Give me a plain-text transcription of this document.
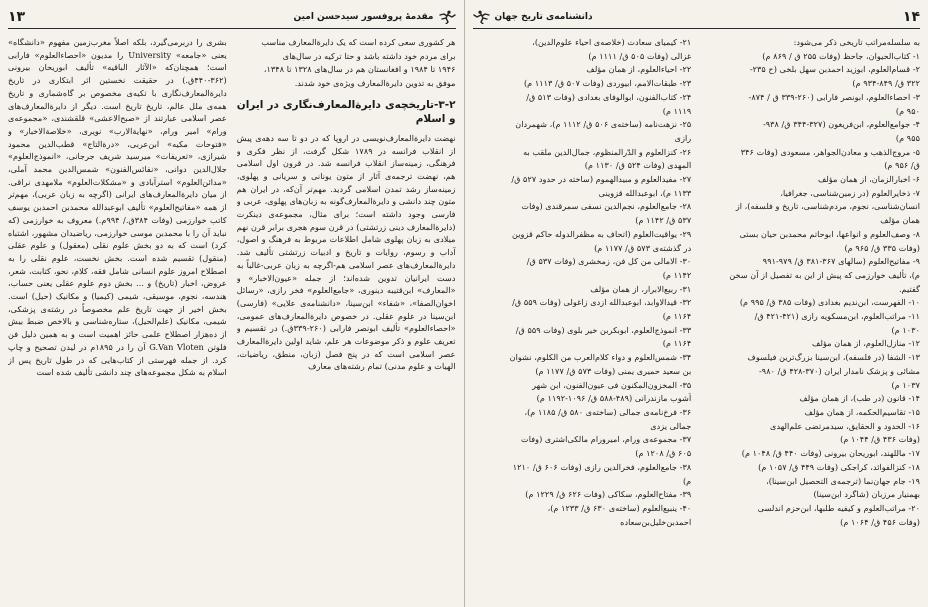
مقدمهٔ پروفسور سیدحسن امین
۱۳

هر کشوری سعی کرده است که یک دایرةالمعارف مناسب

برای مردم خود داشته باشد و حتا ترکیه در سال‌های

۱۹۴۶ تا ۱۹۸۴ و افغانستان هم در سال‌های ۱۳۲۸ تا ۱۳۴۸،

موفق به تدوین دایرةالمعارف ویژه‌ی خود شدند.

۳-۲-تاریخچه‌ی دایرةالمعارف‌نگاری در ایران و اسلام

نهضت دایرةالمعارف‌نویسی در اروپا که در دو تا سه دهه‌ی پیش از انقلاب فرانسه در ۱۷۸۹ شکل گرفت، از نظر فکری و فرهنگی، زمینه‌ساز انقلاب فرانسه شد. در قرون اول اسلامی هم، نهضت ترجمه‌ی آثار از متون یونانی و سریانی و پهلوی، زمینه‌ساز رشد تمدن اسلامی گردید. مهم‌تر آن‌که، در ایران هم متون چند دانشی و دایرةالمعارف‌گونه به زبان‌های پهلوی، عربی و فارسی وجود داشته است؛ برای مثال، مجموعه‌ی دینکرت (دایرةالمعارف دینی زرتشتی) در قرن سوم هجری برابر قرن نهم میلادی به زبان پهلوی شامل اطلاعات مربوط به فرهنگ و اصول، آداب و رسوم، روایات و تاریخ و ادبیات زرتشتی تألیف شد. دایرةالمعارف‌های عصر اسلامی هم-اگرچه به زبان عربی-غالباً به دست ایرانیان تدوین شده‌اند؛ از جمله «عیون‌الاخبار» و «المعارف» ابن‌قتیبه دینوری، «جامع‌العلوم» فخر رازی، «رسائل اخوان‌الصفا»، «شفاء» ابن‌سینا، «دانشنامه‌ی علایی» (فارسی) ابن‌سینا در علوم عقلی. در خصوص دایرةالمعارف‌های عمومی، «احصاءالعلوم» تألیف ابونصر فارابی (۲۶۰-۳۳۹ق.) در تقسیم و تعریف علوم و ذکر موضوعات هر علم، شاید اولین دایرةالمعارف عصر اسلامی است که در پنج فصل (زبان، منطق، ریاضیات، الهیات و علوم مدنی) تمام رشته‌های معارف

بشری را دربرمی‌گیرد، بلکه اصلاً مغرب‌زمین مفهوم «دانشگاه» یعنی «جامعه» University را مدیون «احصاءالعلوم» فارابی است؛ همچنان‌که «الآثار الباقیه» تألیف ابوریحان بیرونی (۳۶۲-۴۴۰ق.) در حقیقت نخستین اثر ابتکاری در تاریخ دایرةالمعارف‌نگاری با تکیه‌ی مخصوص بر گاه‌شماری و تاریخ همه‌ی ملل عالم، تاریخ تاریخ است. دیگر از دایرةالمعارف‌های عصر اسلامی عبارتند از «صبح‌الاعشی» قلقشندی، «مجموعه‌ی ورام» امیر ورام، «نهایةالارب» نویری، «خلاصةالاخبار» و «فتوحات مکیه» ابن‌عربی، «درةالتاج» قطب‌الدین محمود شیرازی، «تعریفات» میرسید شریف جرجانی، «انموذج‌العلوم» جلال‌الدین دوانی، «نفائس‌الفنون» شمس‌الدین محمد آملی، «مدائن‌العلوم» استرآبادی و «مشکلات‌العلوم» ملامهدی نراقی. از میان دایرةالمعارف‌های ایرانی (اگرچه به زبان عربی)، مهم‌تر از همه «مفاتیح‌العلوم» تألیف ابوعبدالله محمدبن احمدبن یوسف کاتب خوارزمی (وفات ۳۸۴ق./ ۹۹۴م.) معروف به خوارزمی (که نباید آن را با محمدبن موسی خوارزمی، ریاضیدان مشهور، اشتباه کرد) است که به دو بخش علوم نقلی (معقول) و علوم عقلی (منقول) تقسیم شده است. بخش نخست، علوم نقلی را به اصطلاح امروز علوم انسانی شامل فقه، کلام، نحو، کتابت، شعر، عروض، اخبار (تاریخ) و ... بخش دوم علوم عقلی یعنی حساب، هندسه، نجوم، موسیقی، شیمی (کیمیا) و مکانیک (حیل) است. بخش اخیر از جهت تاریخ علم مخصوصاً در رشته‌ی پزشکی، شیمی، مکانیک (علم‌الحیل)، ستاره‌شناسی و بالاخص ضبط بیش از ده‌هزار اصطلاح علمی حائز اهمیت است و به همین دلیل فن فلوتن G.Van Vloten آن را در ۱۸۹۵م در لیدن تصحیح و چاپ کرد. از جمله فهرستی از کتاب‌هایی که در طول تاریخ پس از اسلام به شکل مجموعه‌های چند دانشی تألیف شده است

۱۴
دانشنامه‌ی تاریخ جهان

به سلسله‌مراتب تاریخی ذکر می‌شود:

۱- کتاب‌الحیوان، جاحظ (وفات ۲۵۵ ق / ۸۶۹ م)

۲- قسام‌العلوم، ابوزید احمدبن سهل بلخی (ح ۲۳۵-

۳۲۲ ق/ ۸۴۹-۹۳۴ م)

۳- احصاءالعلوم، ابونصر فارابی (۲۶۰-۳۳۹ ق / ۸۷۴-

۹۵۰ م)

۴- جوامع‌العلوم، ابن‌فریغون (۳۲۷-۳۴۴ ق/ ۹۳۸-

۹۵۵ م)

۵- مروج‌الذهب و معادن‌الجواهر، مسعودی (وفات ۳۴۶

ق/ ۹۵۶ م)

۶- اخبارالزمان، از همان مؤلف

۷- ذخایرالعلوم (در زمین‌شناسی، جغرافیا،

انسان‌شناسی، نجوم، مردم‌شناسی، تاریخ و فلسفه)، از

همان مؤلف

۸- وصف‌العلوم و انواعها، ابوحاتم محمدبن حیان بستی

(وفات ۳۳۵ ق/ ۹۶۵ م)

۹- مفاتیح‌العلوم (سالهای ۳۶۷-۳۸۱ ق/ ۹۷۹-۹۹۱

م)، تألیف خوارزمی که پیش از این به تفصیل از آن سخن

گفتیم.

۱۰- الفهرست، ابن‌ندیم بغدادی (وفات ۳۸۵ ق/ ۹۹۵ م)

۱۱- مراتب‌العلوم، ابن‌مسکویه رازی (۴۲۱-۴۲۱ ق/

۱۰۳۰ م)

۱۲- منازل‌العلوم، از همان مؤلف

۱۳- الشفا (در فلسفه)، ابن‌سینا بزرگ‌ترین فیلسوف

مشائی و پزشک نامدار ایران (۳۷۰-۴۲۸ ق/ ۹۸۰-

۱۰۳۷ م)

۱۴- قانون (در طب)، از همان مؤلف

۱۵- تقاسیم‌الحکمه، از همان مؤلف

۱۶- الحدود و الحقایق، سیدمرتضی علم‌الهدی

(وفات ۴۳۶ ق/ ۱۰۴۴ م)

۱۷- ماللهند، ابوریحان بیرونی (وفات ۴۴۰ ق/ ۱۰۴۸ م)

۱۸- کنزالفوائد، کراجکی (وفات ۴۴۹ ق/ ۱۰۵۷ م)

۱۹- جام جهان‌نما (ترجمه‌ی التحصیل ابن‌سینا)،

بهمنیار مرزبان (شاگرد ابن‌سینا)

۲۰- مراتب‌العلوم و کیفیه طلبها، ابن‌حزم اندلسی

(وفات ۴۵۶ ق/ ۱۰۶۴ م)

۲۱- کیمیای سعادت (خلاصه‌ی احیاء علوم‌الدین)،

غزالی (وفات ۵۰۵ ق/ ۱۱۱۱ م)

۲۲- احیاءالعلوم، از همان مؤلف

۲۳- طبقات‌الامم، ابیوردی (وفات ۵۰۷ ق/ ۱۱۱۳ م)

۲۴- کتاب‌الفنون، ابوالوفای بغدادی (وفات ۵۱۳ ق/

۱۱۱۹ م)

۲۵- نزهت‌نامه (ساخته‌ی ۵۰۶ ق/ ۱۱۱۲ م)، شهمردان

رازی

۲۶- کنزالعلوم و الدّرالمنظوم، جمال‌الدین ملقب به

المهدی (وفات ۵۲۴ ق/ ۱۱۳۰ م)

۲۷- مفیدالعلوم و مبیدالهموم (ساخته در حدود ۵۲۷ ق/

۱۱۳۳ م)، ابوعبدالله قزوینی

۲۸- جامع‌العلوم، نجم‌الدین نسفی سمرقندی (وفات

۵۳۷ ق/ ۱۱۴۲ م)

۲۹- یواقیت‌العلوم (اتحاف به مظفرالدوله حاکم قزوین

در گذشته‌ی ۵۷۳ ق/ ۱۱۷۷ م)

۳۰- الامالی من کل فن، زمخشری (وفات ۵۳۷ ق/

۱۱۴۲ م)

۳۱- ربیع‌الابرار، از همان مؤلف

۳۲- قیدالاوابد، ابوعبدالله ازدی زاغولی (وفات ۵۵۹ ق/

۱۱۶۴ م)

۳۳- انموذج‌العلوم، ابوبکربن خیر بلوی (وفات ۵۵۹ ق/

۱۱۶۴ م)

۳۴- شمس‌العلوم و دواء کلام‌العرب من الکلوم، نشوان

بن سعید حمیری یمنی (وفات ۵۷۳ ق/ ۱۱۷۷ م)

۳۵- المخزون‌المکنون فی عیون‌الفنون، ابن شهر

آشوب مازندرانی (۴۸۹-۵۸۸ ق/ ۱۰۹۶-۱۱۹۲ م)

۳۶- فرخ‌نامه‌ی جمالی (ساخته‌ی ۵۸۰ ق/ ۱۱۸۵ م)،

جمالی یزدی

۳۷- مجموعه‌ی ورام، امیرورام مالکی‌اشتری (وفات

۶۰۵ ق/ ۱۲۰۸ م)

۳۸- جامع‌العلوم، فخرالدین رازی (وفات ۶۰۶ ق/ ۱۲۱۰

م)

۳۹- مفتاح‌العلوم، سکاکی (وفات ۶۲۶ ق/ ۱۲۲۹ م)

۴۰- ینبیع‌العلوم (ساخته‌ی ۶۳۰ ق/ ۱۲۳۳ م)،

احمدبن‌خلیل‌بن‌سعاده
